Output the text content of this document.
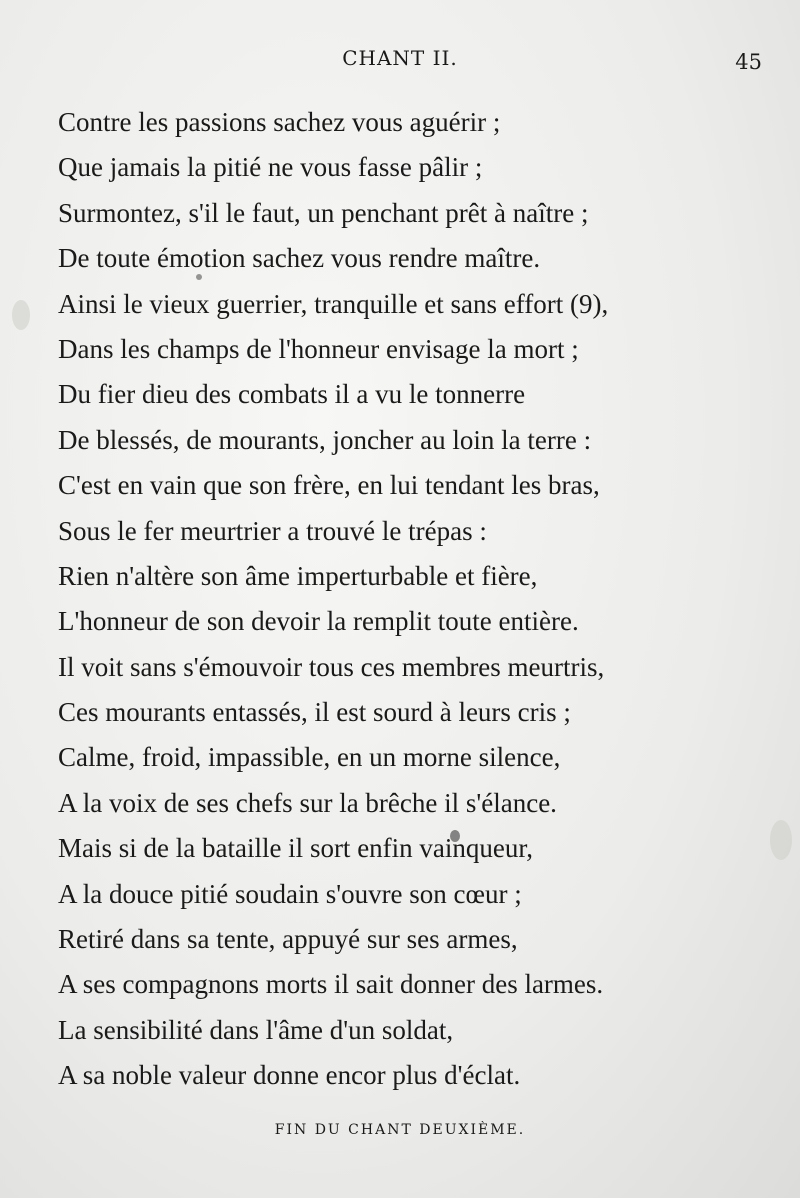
CHANT II.	45
Contre les passions sachez vous aguérir ;
Que jamais la pitié ne vous fasse pâlir ;
Surmontez, s'il le faut, un penchant prêt à naître ;
De toute émotion sachez vous rendre maître.
Ainsi le vieux guerrier, tranquille et sans effort (9),
Dans les champs de l'honneur envisage la mort ;
Du fier dieu des combats il a vu le tonnerre
De blessés, de mourants, joncher au loin la terre :
C'est en vain que son frère, en lui tendant les bras,
Sous le fer meurtrier a trouvé le trépas :
Rien n'altère son âme imperturbable et fière,
L'honneur de son devoir la remplit toute entière.
Il voit sans s'émouvoir tous ces membres meurtris,
Ces mourants entassés, il est sourd à leurs cris ;
Calme, froid, impassible, en un morne silence,
A la voix de ses chefs sur la brêche il s'élance.
Mais si de la bataille il sort enfin vainqueur,
A la douce pitié soudain s'ouvre son cœur ;
Retiré dans sa tente, appuyé sur ses armes,
A ses compagnons morts il sait donner des larmes.
La sensibilité dans l'âme d'un soldat,
A sa noble valeur donne encor plus d'éclat.
FIN DU CHANT DEUXIÈME.
